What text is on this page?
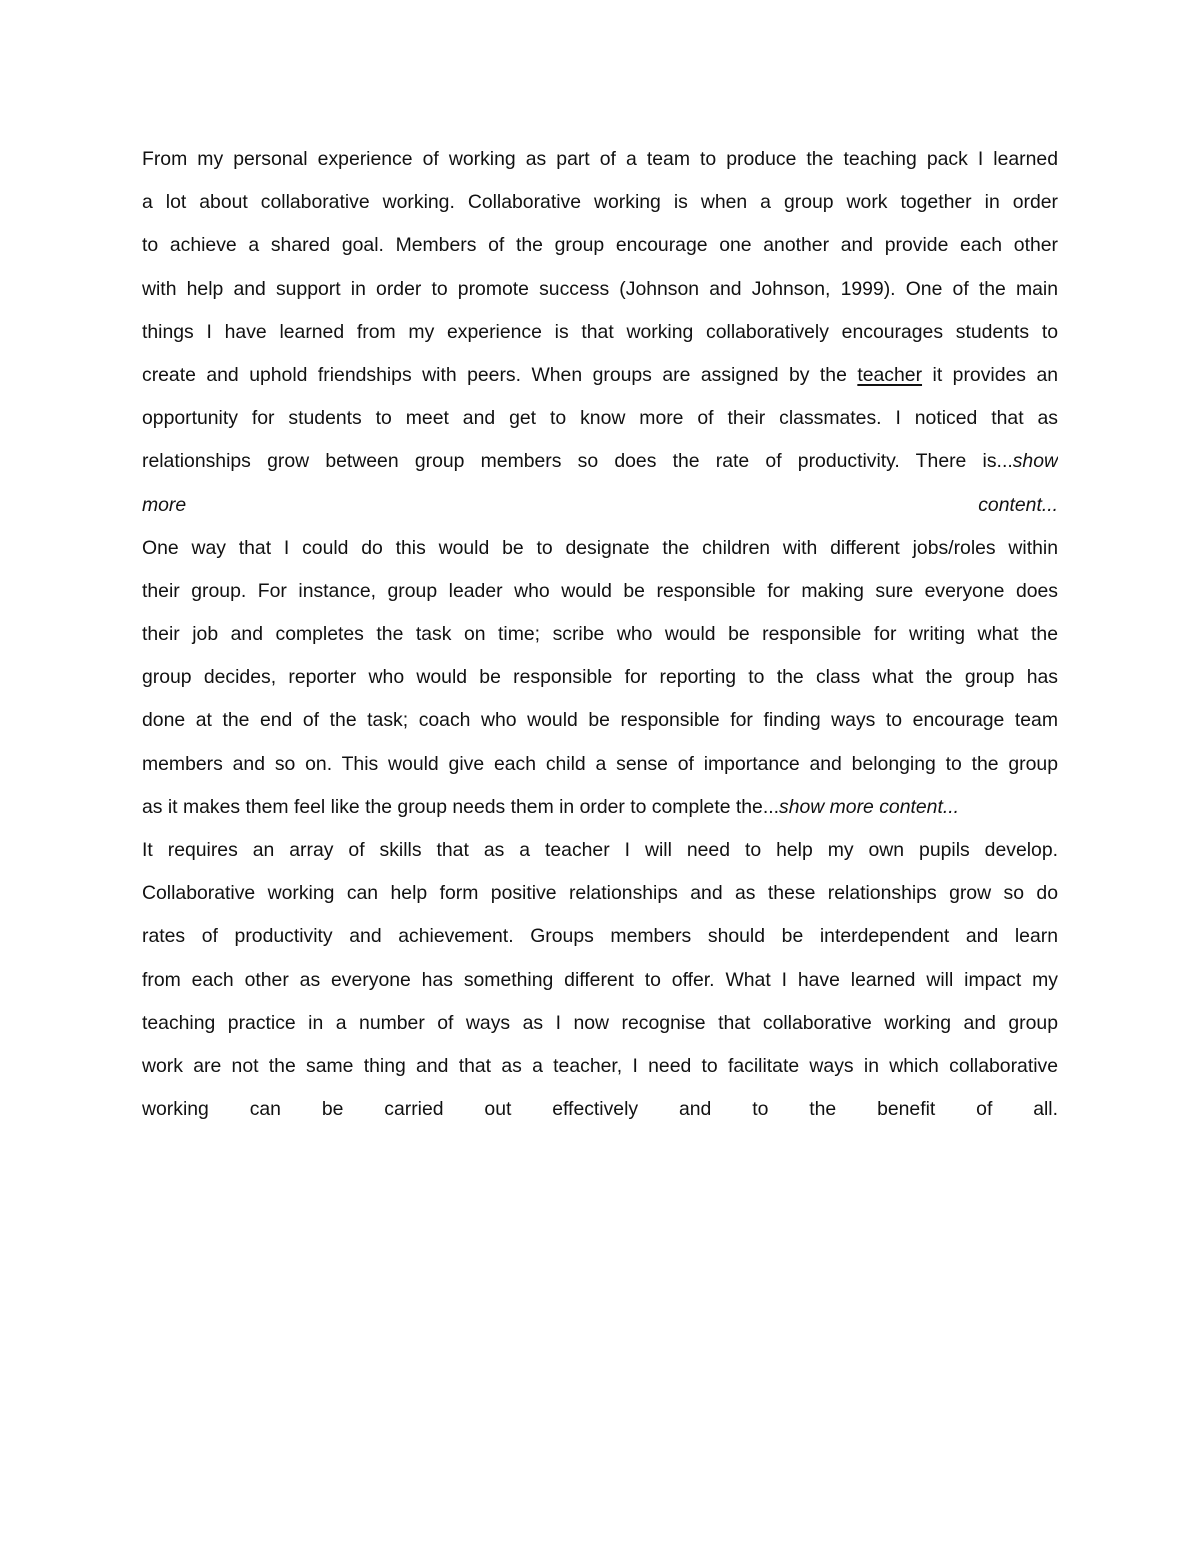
From my personal experience of working as part of a team to produce the teaching pack I learned
a lot about collaborative working. Collaborative working is when a group work together in order
to achieve a shared goal. Members of the group encourage one another and provide each other
with help and support in order to promote success (Johnson and Johnson, 1999). One of the main
things I have learned from my experience is that working collaboratively encourages students to
create and uphold friendships with peers. When groups are assigned by the teacher it provides an
opportunity for students to meet and get to know more of their classmates. I noticed that as
relationships grow between group members so does the rate of productivity. There is...show
more	content...
One way that I could do this would be to designate the children with different jobs/roles within
their group. For instance, group leader who would be responsible for making sure everyone does
their job and completes the task on time; scribe who would be responsible for writing what the
group decides, reporter who would be responsible for reporting to the class what the group has
done at the end of the task; coach who would be responsible for finding ways to encourage team
members and so on. This would give each child a sense of importance and belonging to the group
as it makes them feel like the group needs them in order to complete the...show more content...
It requires an array of skills that as a teacher I will need to help my own pupils develop.
Collaborative working can help form positive relationships and as these relationships grow so do
rates of productivity and achievement. Groups members should be interdependent and learn
from each other as everyone has something different to offer. What I have learned will impact my
teaching practice in a number of ways as I now recognise that collaborative working and group
work are not the same thing and that as a teacher, I need to facilitate ways in which collaborative
working can be carried out effectively and to the benefit of all.
